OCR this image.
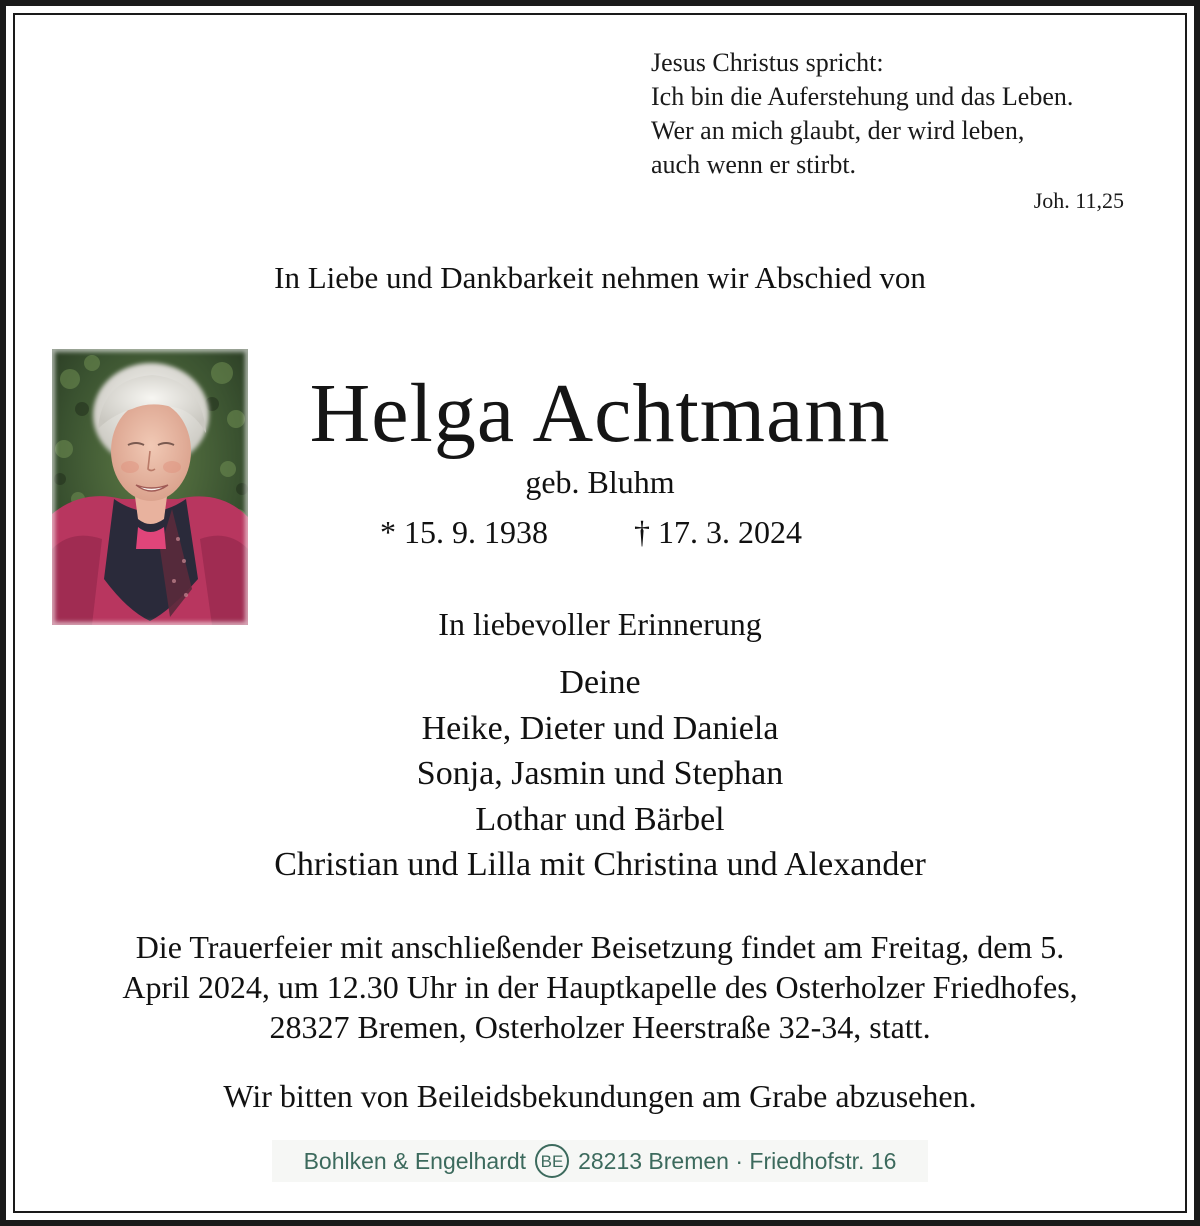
Jesus Christus spricht:
Ich bin die Auferstehung und das Leben.
Wer an mich glaubt, der wird leben,
auch wenn er stirbt.
Joh. 11,25
In Liebe und Dankbarkeit nehmen wir Abschied von
Helga Achtmann
geb. Bluhm
* 15. 9. 1938	† 17. 3. 2024
In liebevoller Erinnerung
Deine
Heike, Dieter und Daniela
Sonja, Jasmin und Stephan
Lothar und Bärbel
Christian und Lilla mit Christina und Alexander
Die Trauerfeier mit anschließender Beisetzung findet am Freitag, dem 5.
April 2024, um 12.30 Uhr in der Hauptkapelle des Osterholzer Friedhofes,
28327 Bremen, Osterholzer Heerstraße 32-34, statt.
Wir bitten von Beileidsbekundungen am Grabe abzusehen.
Bohlken & Engelhardt BE 28213 Bremen · Friedhofstr. 16
